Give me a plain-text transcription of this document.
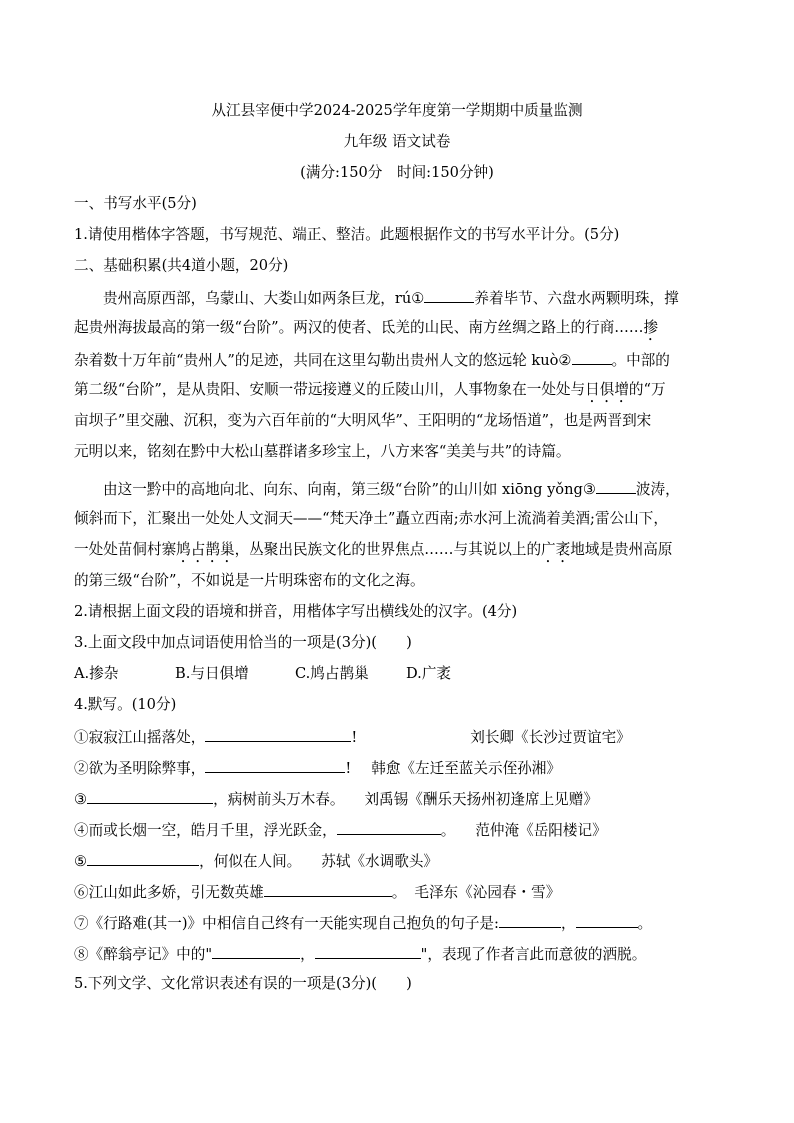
从江县宰便中学2024-2025学年度第一学期期中质量监测
九年级 语文试卷
(满分:150分　时间:150分钟)
一、书写水平(5分)
1.请使用楷体字答题，书写规范、端正、整洁。此题根据作文的书写水平计分。(5分)
二、基础积累(共4道小题，20分)
贵州高原西部，乌蒙山、大娄山如两条巨龙，rú①	养着毕节、六盘水两颗明珠，撑
起贵州海拔最高的第一级“台阶”。两汉的使者、氐羌的山民、南方丝绸之路上的行商……掺
杂着数十万年前“贵州人”的足迹，共同在这里勾勒出贵州人文的悠远轮 kuò②	。中部的
第二级“台阶”，是从贵阳、安顺一带远接遵义的丘陵山川，人事物象在一处处与日俱增的“万
亩坝子”里交融、沉积，变为六百年前的“大明风华”、王阳明的“龙场悟道”，也是两晋到宋
元明以来，铭刻在黔中大松山墓群诸多珍宝上，八方来客“美美与共”的诗篇。
由这一黔中的高地向北、向东、向南，第三级“台阶”的山川如 xiōng yǒng③	波涛，
倾斜而下，汇聚出一处处人文洞天——“梵天净土”矗立西南;赤水河上流淌着美酒;雷公山下，
一处处苗侗村寨鸠占鹊巢，丛聚出民族文化的世界焦点……与其说以上的广袤地域是贵州高原
的第三级“台阶”，不如说是一片明珠密布的文化之海。
2.请根据上面文段的语境和拼音，用楷体字写出横线处的汉字。(4分)
3.上面文段中加点词语使用恰当的一项是(3分)(　　)
A.掺杂	B.与日俱增	C.鸠占鹊巢	D.广袤
4.默写。(10分)
①寂寂江山摇落处，	!	刘长卿《长沙过贾谊宅》
②欲为圣明除弊事，	! 韩愈《左迁至蓝关示侄孙湘》
③	，病树前头万木春。 刘禹锡《酬乐天扬州初逢席上见赠》
④而或长烟一空，皓月千里，浮光跃金，	。 范仲淹《岳阳楼记》
⑤	，何似在人间。 苏轼《水调歌头》
⑥江山如此多娇，引无数英雄	。 毛泽东《沁园春・雪》
⑦《行路难(其一)》中相信自己终有一天能实现自己抱负的句子是:	，	。
⑧《醉翁亭记》中的"	，	"，表现了作者言此而意彼的洒脱。
5.下列文学、文化常识表述有误的一项是(3分)(　　)
